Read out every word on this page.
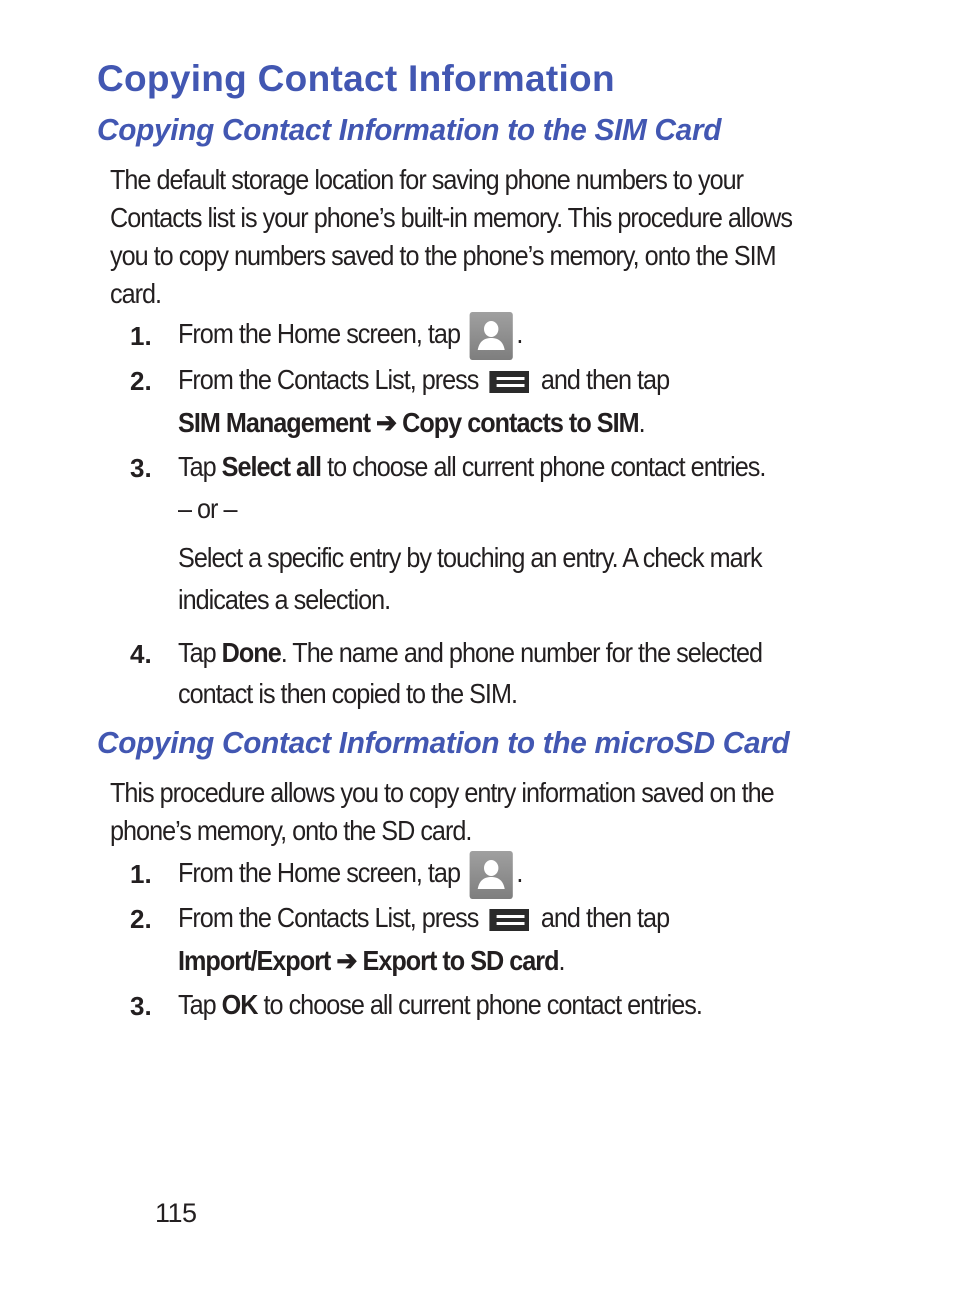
Copying Contact Information
Copying Contact Information to the SIM Card
The default storage location for saving phone numbers to your
Contacts list is your phone’s built-in memory. This procedure allows
you to copy numbers saved to the phone’s memory, onto the SIM
card.
1. From the Home screen, tap .
2. From the Contacts List, press and then tap
SIM Management ➔ Copy contacts to SIM.
3. Tap Select all to choose all current phone contact entries.
– or –
Select a specific entry by touching an entry. A check mark
indicates a selection.
4. Tap Done. The name and phone number for the selected
contact is then copied to the SIM.
Copying Contact Information to the microSD Card
This procedure allows you to copy entry information saved on the
phone’s memory, onto the SD card.
1. From the Home screen, tap .
2. From the Contacts List, press and then tap
Import/Export ➔ Export to SD card.
3. Tap OK to choose all current phone contact entries.
115
